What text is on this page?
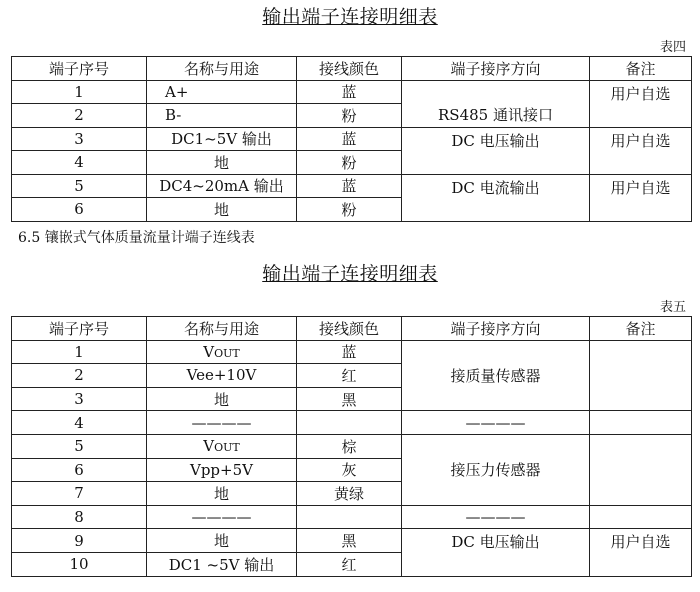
输出端子连接明细表
表四
端子序号	名称与用途	接线颜色	端子接序方向	备注
1	A+	蓝	RS485 通讯接口	用户自选
2	B-	粉		
3	DC1~5V 输出	蓝	DC 电压输出	用户自选
4	地	粉		
5	DC4~20mA 输出	蓝	DC 电流输出	用户自选
6	地	粉		
6.5 镶嵌式气体质量流量计端子连线表
输出端子连接明细表
表五
端子序号	名称与用途	接线颜色	端子接序方向	备注
1	VOUT	蓝	接质量传感器	
2	Vee+10V	红		
3	地	黑		
4	————		————	
5	VOUT	棕	接压力传感器	
6	Vpp+5V	灰		
7	地	黄绿		
8	————		————	
9	地	黑	DC 电压输出	用户自选
10	DC1 ~5V 输出	红		
